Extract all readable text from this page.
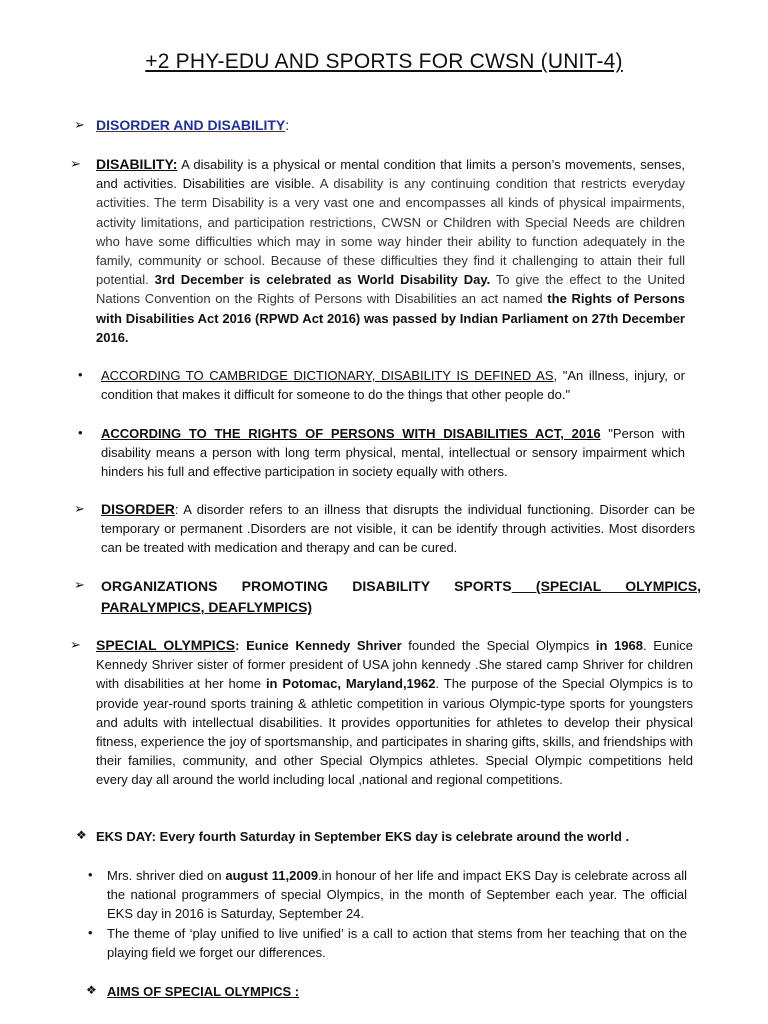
+2 PHY-EDU AND SPORTS FOR CWSN (UNIT-4)
➢ DISORDER AND DISABILITY:
➢ DISABILITY: A disability is a physical or mental condition that limits a person’s movements, senses, and activities. Disabilities are visible. A disability is any continuing condition that restricts everyday activities. The term Disability is a very vast one and encompasses all kinds of physical impairments, activity limitations, and participation restrictions, CWSN or Children with Special Needs are children who have some difficulties which may in some way hinder their ability to function adequately in the family, community or school. Because of these difficulties they find it challenging to attain their full potential. 3rd December is celebrated as World Disability Day. To give the effect to the United Nations Convention on the Rights of Persons with Disabilities an act named the Rights of Persons with Disabilities Act 2016 (RPWD Act 2016) was passed by Indian Parliament on 27th December 2016.
• ACCORDING TO CAMBRIDGE DICTIONARY, DISABILITY IS DEFINED AS, "An illness, injury, or condition that makes it difficult for someone to do the things that other people do."
• ACCORDING TO THE RIGHTS OF PERSONS WITH DISABILITIES ACT, 2016 "Person with disability means a person with long term physical, mental, intellectual or sensory impairment which hinders his full and effective participation in society equally with others.
➢ DISORDER: A disorder refers to an illness that disrupts the individual functioning. Disorder can be temporary or permanent .Disorders are not visible, it can be identify through activities. Most disorders can be treated with medication and therapy and can be cured.
➢ ORGANIZATIONS PROMOTING DISABILITY SPORTS (SPECIAL OLYMPICS, PARALYMPICS, DEAFLYMPICS)
➢ SPECIAL OLYMPICS: Eunice Kennedy Shriver founded the Special Olympics in 1968. Eunice Kennedy Shriver sister of former president of USA john kennedy .She stared camp Shriver for children with disabilities at her home in Potomac, Maryland,1962. The purpose of the Special Olympics is to provide year-round sports training & athletic competition in various Olympic-type sports for youngsters and adults with intellectual disabilities. It provides opportunities for athletes to develop their physical fitness, experience the joy of sportsmanship, and participates in sharing gifts, skills, and friendships with their families, community, and other Special Olympics athletes. Special Olympic competitions held every day all around the world including local ,national and regional competitions.
❖ EKS DAY: Every fourth Saturday in September EKS day is celebrate around the world .
• Mrs. shriver died on august 11,2009.in honour of her life and impact EKS Day is celebrate across all the national programmers of special Olympics, in the month of September each year. The official EKS day in 2016 is Saturday, September 24.
• The theme of ‘play unified to live unified’ is a call to action that stems from her teaching that on the playing field we forget our differences.
❖ AIMS OF SPECIAL OLYMPICS :
